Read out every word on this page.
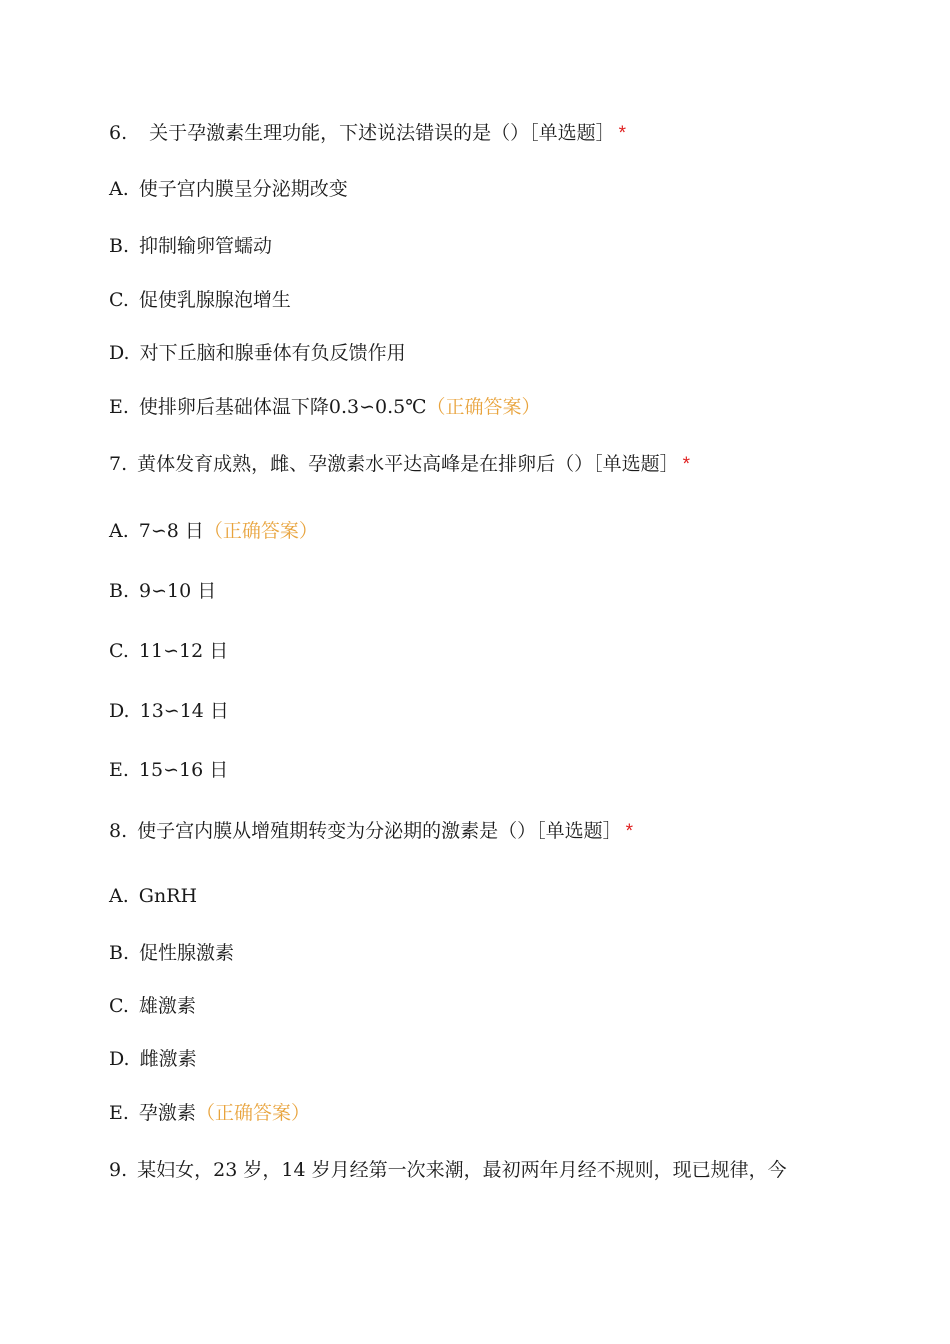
6. 关于孕激素生理功能，下述说法错误的是（）［单选题］ *
A. 使子宫内膜呈分泌期改变
B. 抑制输卵管蠕动
C. 促使乳腺腺泡增生
D. 对下丘脑和腺垂体有负反馈作用
E. 使排卵后基础体温下降0.3∽0.5℃（正确答案）
7. 黄体发育成熟，雌、孕激素水平达高峰是在排卵后（）［单选题］ *
A. 7∽8 日（正确答案）
B. 9∽10 日
C. 11∽12 日
D. 13∽14 日
E. 15∽16 日
8. 使子宫内膜从增殖期转变为分泌期的激素是（）［单选题］ *
A. GnRH
B. 促性腺激素
C. 雄激素
D. 雌激素
E. 孕激素（正确答案）
9. 某妇女，23 岁，14 岁月经第一次来潮，最初两年月经不规则，现已规律，今
